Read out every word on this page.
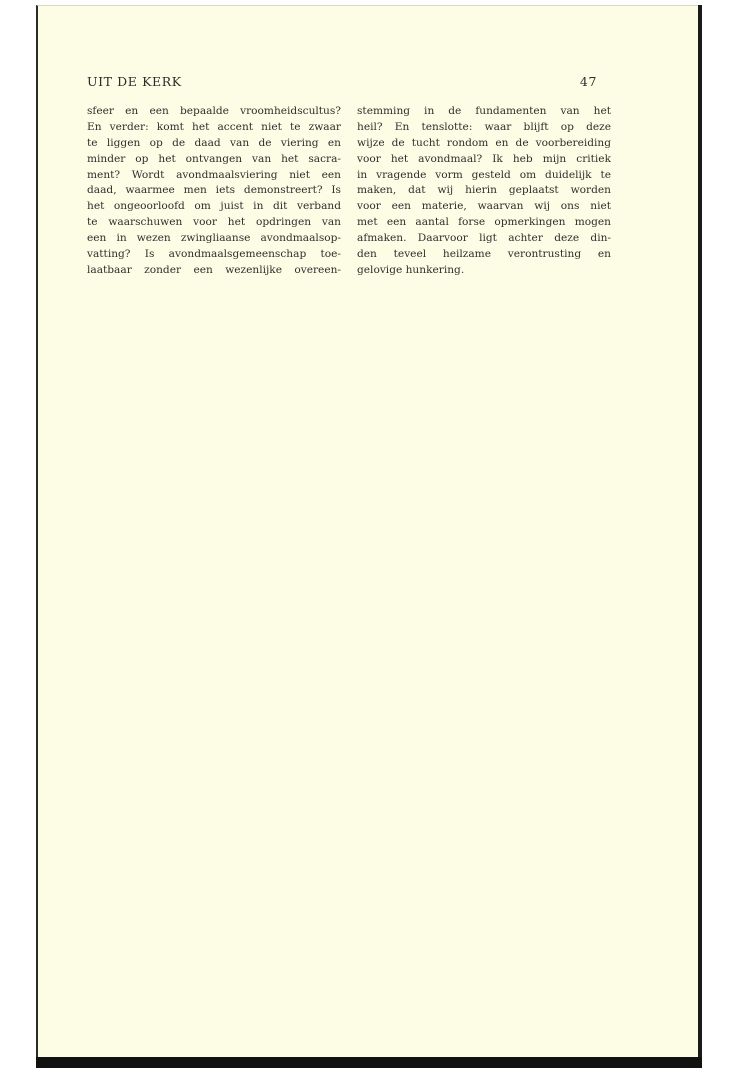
UIT DE KERK	47
sfeer en een bepaalde vroomheidscultus?
En verder: komt het accent niet te zwaar
te liggen op de daad van de viering en
minder op het ontvangen van het sacra-
ment? Wordt avondmaalsviering niet een
daad, waarmee men iets demonstreert? Is
het ongeoorloofd om juist in dit verband
te waarschuwen voor het opdringen van
een in wezen zwingliaanse avondmaalsop-
vatting? Is avondmaalsgemeenschap toe-
laatbaar zonder een wezenlijke overeen-
stemming in de fundamenten van het
heil? En tenslotte: waar blijft op deze
wijze de tucht rondom en de voorbereiding
voor het avondmaal? Ik heb mijn critiek
in vragende vorm gesteld om duidelijk te
maken, dat wij hierin geplaatst worden
voor een materie, waarvan wij ons niet
met een aantal forse opmerkingen mogen
afmaken. Daarvoor ligt achter deze din-
den teveel heilzame verontrusting en
gelovige hunkering.
